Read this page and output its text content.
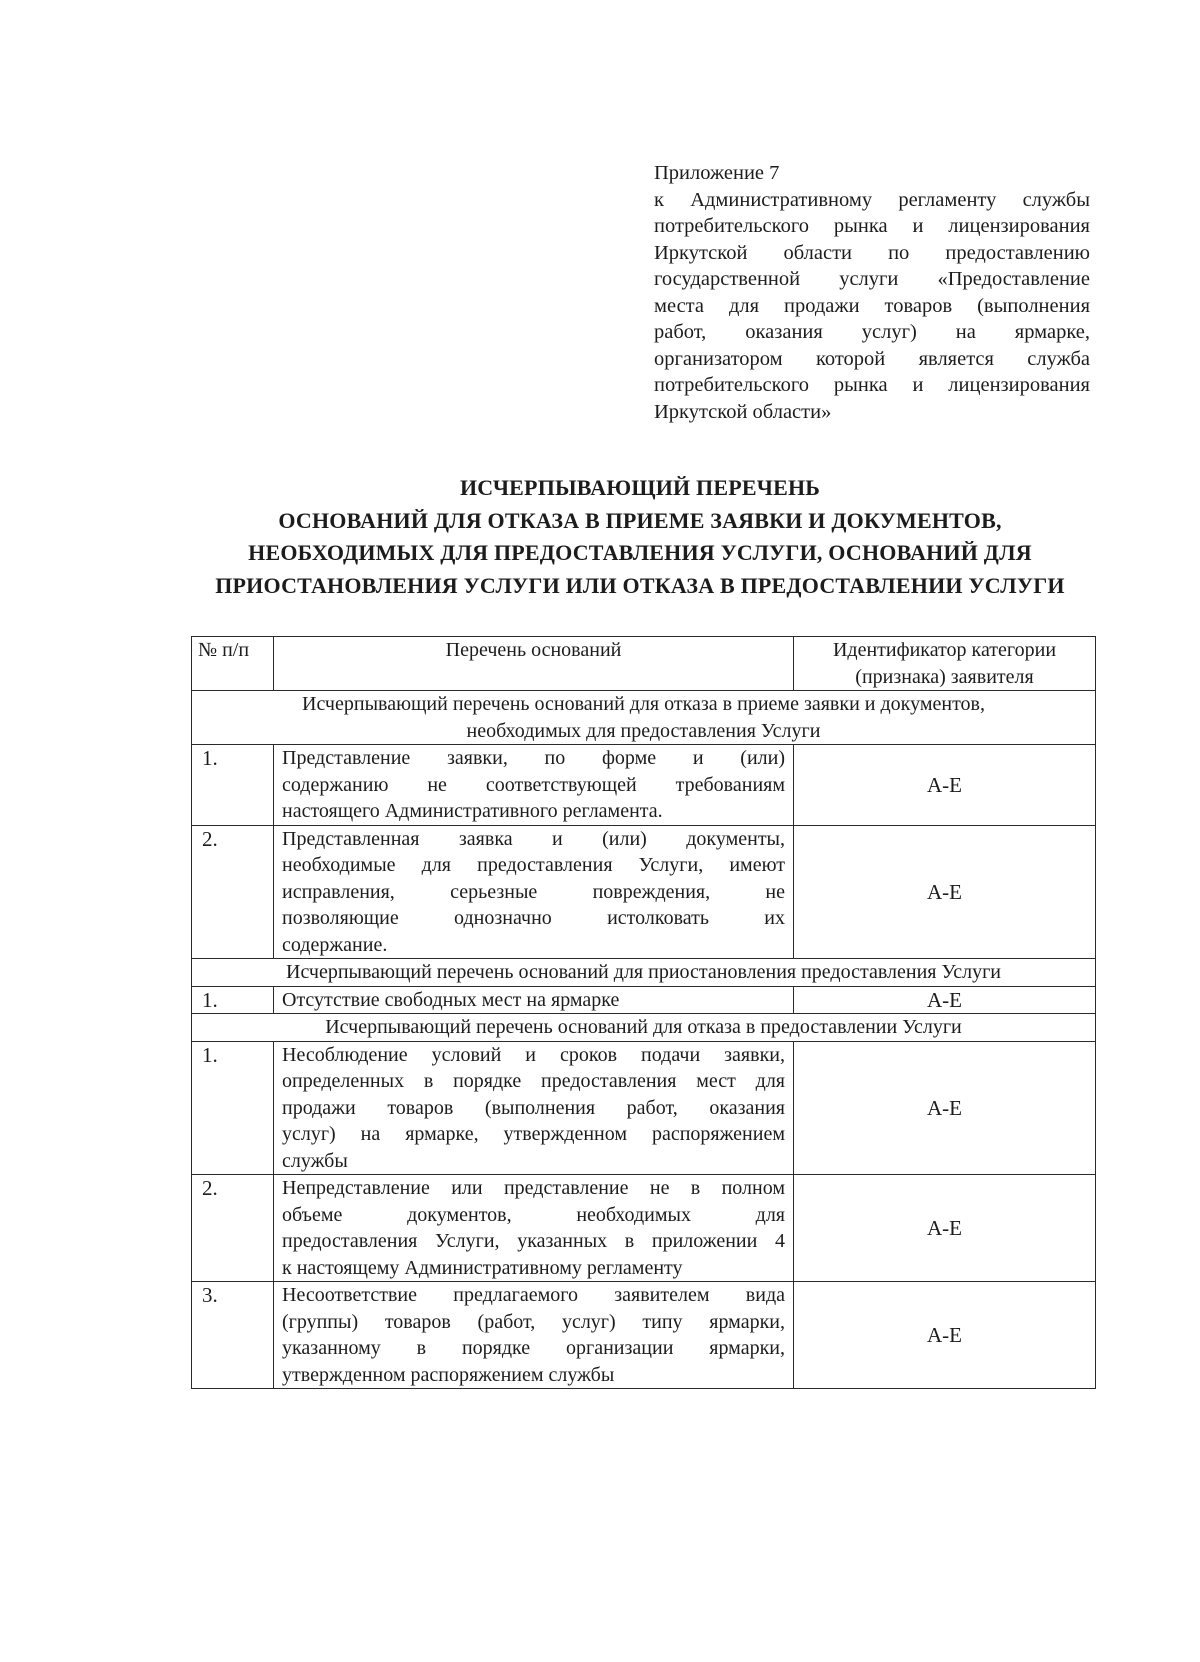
Приложение 7
к Административному регламенту службы
потребительского рынка и лицензирования
Иркутской области по предоставлению
государственной услуги «Предоставление
места для продажи товаров (выполнения
работ, оказания услуг) на ярмарке,
организатором которой является служба
потребительского рынка и лицензирования
Иркутской области»
ИСЧЕРПЫВАЮЩИЙ ПЕРЕЧЕНЬ
ОСНОВАНИЙ ДЛЯ ОТКАЗА В ПРИЕМЕ ЗАЯВКИ И ДОКУМЕНТОВ,
НЕОБХОДИМЫХ ДЛЯ ПРЕДОСТАВЛЕНИЯ УСЛУГИ, ОСНОВАНИЙ ДЛЯ
ПРИОСТАНОВЛЕНИЯ УСЛУГИ ИЛИ ОТКАЗА В ПРЕДОСТАВЛЕНИИ УСЛУГИ
№ п/п	Перечень оснований	Идентификатор категории
(признака) заявителя

Исчерпывающий перечень оснований для отказа в приеме заявки и документов,
необходимых для предоставления Услуги		

1.	Представление заявки, по форме и (или)
содержанию не соответствующей требованиям
настоящего Административного регламента.	А-Е
2.	Представленная заявка и (или) документы,
необходимые для предоставления Услуги, имеют
исправления, серьезные повреждения, не
позволяющие однозначно истолковать их
содержание.	А-Е
Исчерпывающий перечень оснований для приостановления предоставления Услуги		
1.	Отсутствие свободных мест на ярмарке	А-Е
Исчерпывающий перечень оснований для отказа в предоставлении Услуги		
1.	Несоблюдение условий и сроков подачи заявки,
определенных в порядке предоставления мест для
продажи товаров (выполнения работ, оказания
услуг) на ярмарке, утвержденном распоряжением
службы	А-Е
2.	Непредставление или представление не в полном
объеме документов, необходимых для
предоставления Услуги, указанных в приложении 4
к настоящему Административному регламенту	А-Е
3.	Несоответствие предлагаемого заявителем вида
(группы) товаров (работ, услуг) типу ярмарки,
указанному в порядке организации ярмарки,
утвержденном распоряжением службы	А-Е
